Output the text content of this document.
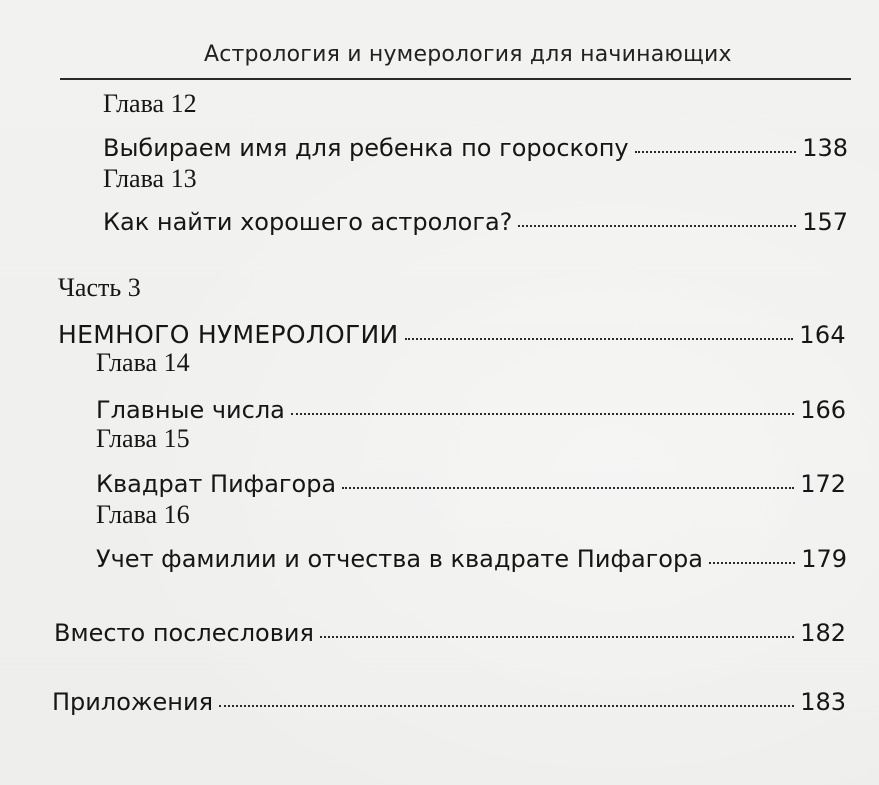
Астрология и нумерология для начинающих
Глава 12
Выбираем имя для ребенка по гороскопу	138
Глава 13
Как найти хорошего астролога?	157
Часть 3
НЕМНОГО НУМЕРОЛОГИИ	164
Глава 14
Главные числа	166
Глава 15
Квадрат Пифагора	172
Глава 16
Учет фамилии и отчества в квадрате Пифагора	179
Вместо послесловия	182
Приложения	183
